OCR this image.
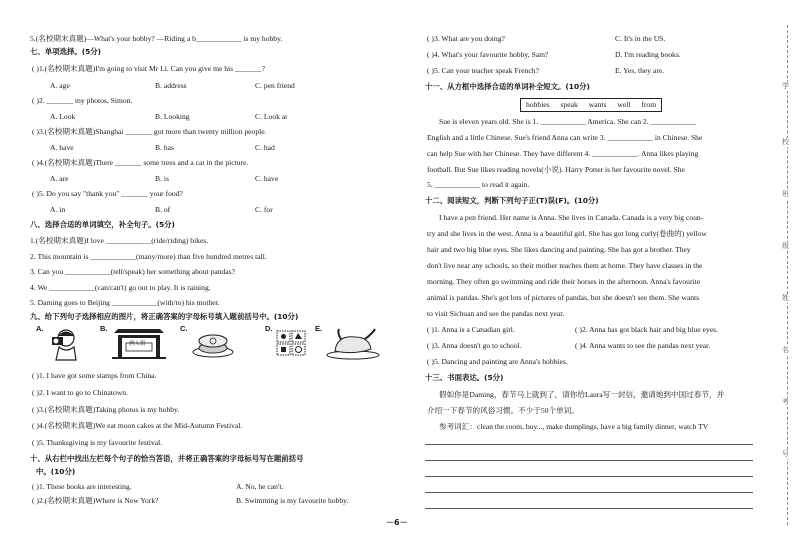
5.(名校期末真题)—What's your hobby? —Riding a b____________ is my hobby.
七、单项选择。(5分)
( )1.(名校期末真题)I'm going to visit Mr Li. Can you give me his _______?
A. age	B. address	C. pen friend
( )2. _______ my photos, Simon.
A. Look	B. Looking	C. Look at
( )3.(名校期末真题)Shanghai _______ got more than twenty million people.
A. have	B. has	C. had
( )4.(名校期末真题)There _______ some trees and a cat in the picture.
A. are	B. is	C. have
( )5. Do you say "thank you" _______ your food?
A. in	B. of	C. for
八、选择合适的单词填空，补全句子。(5分)
1.(名校期末真题)I love ____________(ride/riding) bikes.
2. This mountain is ____________(many/more) than five hundred metres tall.
3. Can you ____________(tell/speak) her something about pandas?
4. We ____________(can/can't) go out to play. It is raining.
5. Daming goes to Beijing ____________(with/to) his mother.
九、给下列句子选择相应的图片，将正确答案的字母标号填入题前括号中。(10分)
A.	B.
唐人街
C.	D.	E.
( )1. I have got some stamps from China.
( )2. I want to go to Chinatown.
( )3.(名校期末真题)Taking photos is my hobby.
( )4.(名校期末真题)We eat moon cakes at the Mid-Autumn Festival.
( )5. Thanksgiving is my favourite festival.
十、从右栏中找出左栏每个句子的恰当答语，并将正确答案的字母标号写在题前括号
中。(10分)
( )1. These books are interesting.	A. No, he can't.
( )2.(名校期末真题)Where is New York?	B. Swimming is my favourite hobby.
( )3. What are you doing?	C. It's in the US.
( )4. What's your favourite hobby, Sam?	D. I'm reading books.
( )5. Can your teacher speak French?	E. Yes, they are.
十一、从方框中选择合适的单词补全短文。(10分)
hobbies speak wants well from
Sue is eleven years old. She is 1. ____________ America. She can 2. ____________
English and a little Chinese. Sue's friend Anna can write 3. ____________ in Chinese. She
can help Sue with her Chinese. They have different 4. ____________. Anna likes playing
football. But Sue likes reading novels(小说). Harry Potter is her favourite novel. She
5. ____________ to read it again.
十二、阅读短文，判断下列句子正(T)误(F)。(10分)
I have a pen friend. Her name is Anna. She lives in Canada. Canada is a very big coun-
try and she lives in the west. Anna is a beautiful girl. She has got long curly(卷曲的) yellow
hair and two big blue eyes. She likes dancing and painting. She has got a brother. They
don't live near any schools, so their mother teaches them at home. They have classes in the
morning. They often go swimming and ride their horses in the afternoon. Anna's favourite
animal is pandas. She's got lots of pictures of pandas, but she doesn't see them. She wants
to visit Sichuan and see the pandas next year.
( )1. Anna is a Canadian girl.	( )2. Anna has got black hair and big blue eyes.
( )3. Anna doesn't go to school.	( )4. Anna wants to see the pandas next year.
( )5. Dancing and painting are Anna's hobbies.
十三、书面表达。(5分)
假如你是Daming，春节马上就到了，请你给Laura写一封信，邀请她到中国过春节，并
介绍一下春节的风俗习惯。不少于50个单词。
参考词汇：clean the room, buy..., make dumplings, have a big family dinner, watch TV
－6－
学
校
班
级
姓
名
考
号
